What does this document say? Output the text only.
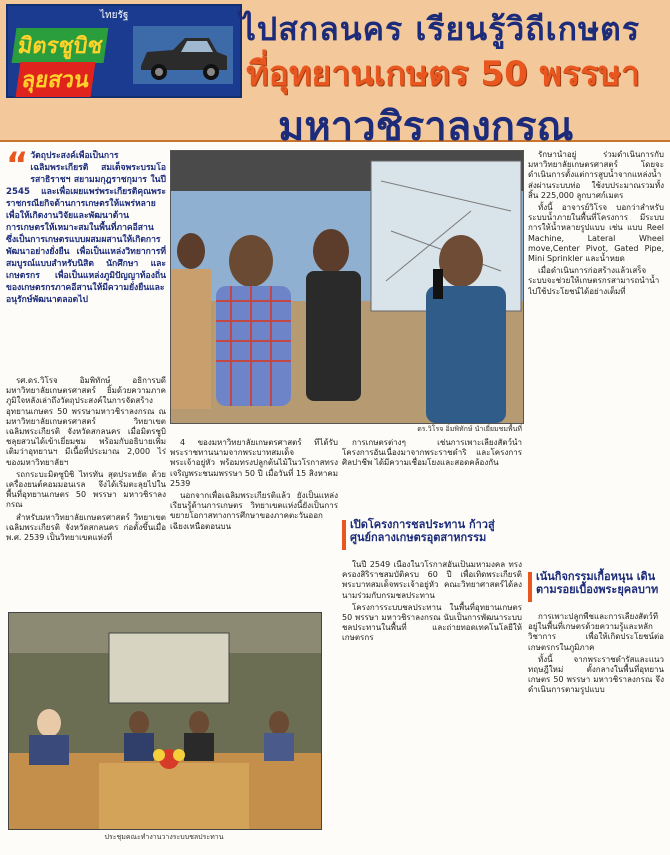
ไทยรัฐ
มิตรชูบิช
ลุยสวน
ไปสกลนคร เรียนรู้วิถีเกษตร
ที่อุทยานเกษตร 50 พรรษา
มหาวชิราลงกรณ
“ วัตถุประสงค์เพื่อเป็นการเฉลิมพระเกียรติ สมเด็จพระบรมโอรสาธิราชฯ สยามมกุฎราชกุมาร ในปี 2545 และเพื่อเผยแพร่พระเกียรติคุณพระราชกรณียกิจด้านการเกษตรให้แพร่หลาย เพื่อให้เกิดงานวิจัยและพัฒนาด้านการเกษตรให้เหมาะสมในพื้นที่ภาคอีสาน ซึ่งเป็นการเกษตรแบบผสมผสานให้เกิดการพัฒนาอย่างยั่งยืน เพื่อเป็นแหล่งวิทยาการที่สมบูรณ์แบบสำหรับนิสิต นักศึกษา และเกษตรกร เพื่อเป็นแหล่งภูมิปัญญาท้องถิ่นของเกษตรกรภาคอีสานให้มีความยั่งยืนและอนุรักษ์พัฒนาตลอดไป

รศ.ดร.วิโรจ อิ่มพิทักษ์ อธิการบดีมหาวิทยาลัยเกษตรศาสตร์ ยิ้มด้วยความภาคภูมิใจหลังเล่าถึงวัตถุประสงค์ในการจัดสร้างอุทยานเกษตร 50 พรรษามหาวชิราลงกรณ ณ มหาวิทยาลัยเกษตรศาสตร์ วิทยาเขตเฉลิมพระเกียรติ จังหวัดสกลนคร เมื่อมิตรชูบิชลุยสวนได้เข้าเยี่ยมชม พร้อมกับอธิบายเพิ่มเติมว่าอุทยานฯ มีเนื้อที่ประมาณ 2,000 ไร่ ของมหาวิทยาลัยฯ

รถกระบะมิตซูบิชิ ไทรทัน สุดประหยัด ด้วยเครื่องยนต์คอมมอนเรล จึงได้เริ่มตะลุยไปในพื้นที่อุทยานเกษตร 50 พรรษา มหาวชิราลงกรณ

สำหรับมหาวิทยาลัยเกษตรศาสตร์ วิทยาเขตเฉลิมพระเกียรติ จังหวัดสกลนคร ก่อตั้งขึ้นเมื่อ พ.ศ. 2539 เป็นวิทยาเขตแห่งที่

ดร.วิโรจ อิ่มพิทักษ์ นำเยี่ยมชมพื้นที่

4 ของมหาวิทยาลัยเกษตรศาสตร์ ที่ได้รับพระราชทานนามจากพระบาทสมเด็จพระเจ้าอยู่หัว พร้อมทรงปลูกต้นไม้ในวโรกาสทรงเจริญพระชนมพรรษา 50 ปี เมื่อวันที่ 15 สิงหาคม 2539

นอกจากเพื่อเฉลิมพระเกียรติแล้ว ยังเป็นแหล่งเรียนรู้ด้านการเกษตร วิทยาเขตแห่งนี้ยังเป็นการขยายโอกาสทางการศึกษาของภาคตะวันออกเฉียงเหนือตอนบน

การเกษตรต่างๆ เช่นการเพาะเลี้ยงสัตว์น้ำ โครงการอันเนื่องมาจากพระราชดำริ และโครงการศิลปาชีพ ได้มีความเชื่อมโยงและสอดคล้องกัน

เปิดโครงการชลประทาน ก้าวสู่ศูนย์กลางเกษตรอุตสาหกรรม

ในปี 2549 เนื่องในวโรกาสอันเป็นมหามงคล ทรงครองสิริราชสมบัติครบ 60 ปี เพื่อเทิดพระเกียรติพระบาทสมเด็จพระเจ้าอยู่หัว คณะวิทยาศาสตร์ได้ลงนามร่วมกับกรมชลประทาน

โครงการระบบชลประทาน ในพื้นที่อุทยานเกษตร 50 พรรษา มหาวชิราลงกรณ นับเป็นการพัฒนาระบบชลประทานในพื้นที่ และถ่ายทอดเทคโนโลยีให้เกษตรกร

รักษาน้ำอยู่ ร่วมดำเนินการกับมหาวิทยาลัยเกษตรศาสตร์ โดยจะดำเนินการตั้งแต่การสูบน้ำจากแหล่งน้ำ ส่งผ่านระบบท่อ ใช้งบประมาณรวมทั้งสิ้น 225,000 ลูกบาศก์เมตร

ทั้งนี้ อาจารย์วิโรจ บอกว่าสำหรับระบบน้ำภายในพื้นที่โครงการ มีระบบการให้น้ำหลายรูปแบบ เช่น แบบ Reel Machine, Lateral Wheel move,Center Pivot, Gated Pipe, Mini Sprinkler และน้ำหยด

เมื่อดำเนินการก่อสร้างแล้วเสร็จ ระบบจะช่วยให้เกษตรกรสามารถนำน้ำไปใช้ประโยชน์ได้อย่างเต็มที่

เน้นกิจกรรมเกื้อหนุน เดินตามรอยเบื้องพระยุคลบาท

การเพาะปลูกพืชและการเลี้ยงสัตว์ที่อยู่ในพื้นที่เกษตรด้วยความรู้และหลักวิชาการ เพื่อให้เกิดประโยชน์ต่อเกษตรกรในภูมิภาค

ทั้งนี้ จากพระราชดำรัสและแนวทฤษฎีใหม่ ตั้งกลางในพื้นที่อุทยานเกษตร 50 พรรษา มหาวชิราลงกรณ จึงดำเนินการตามรูปแบบ

ประชุมคณะทำงานวางระบบชลประทาน
